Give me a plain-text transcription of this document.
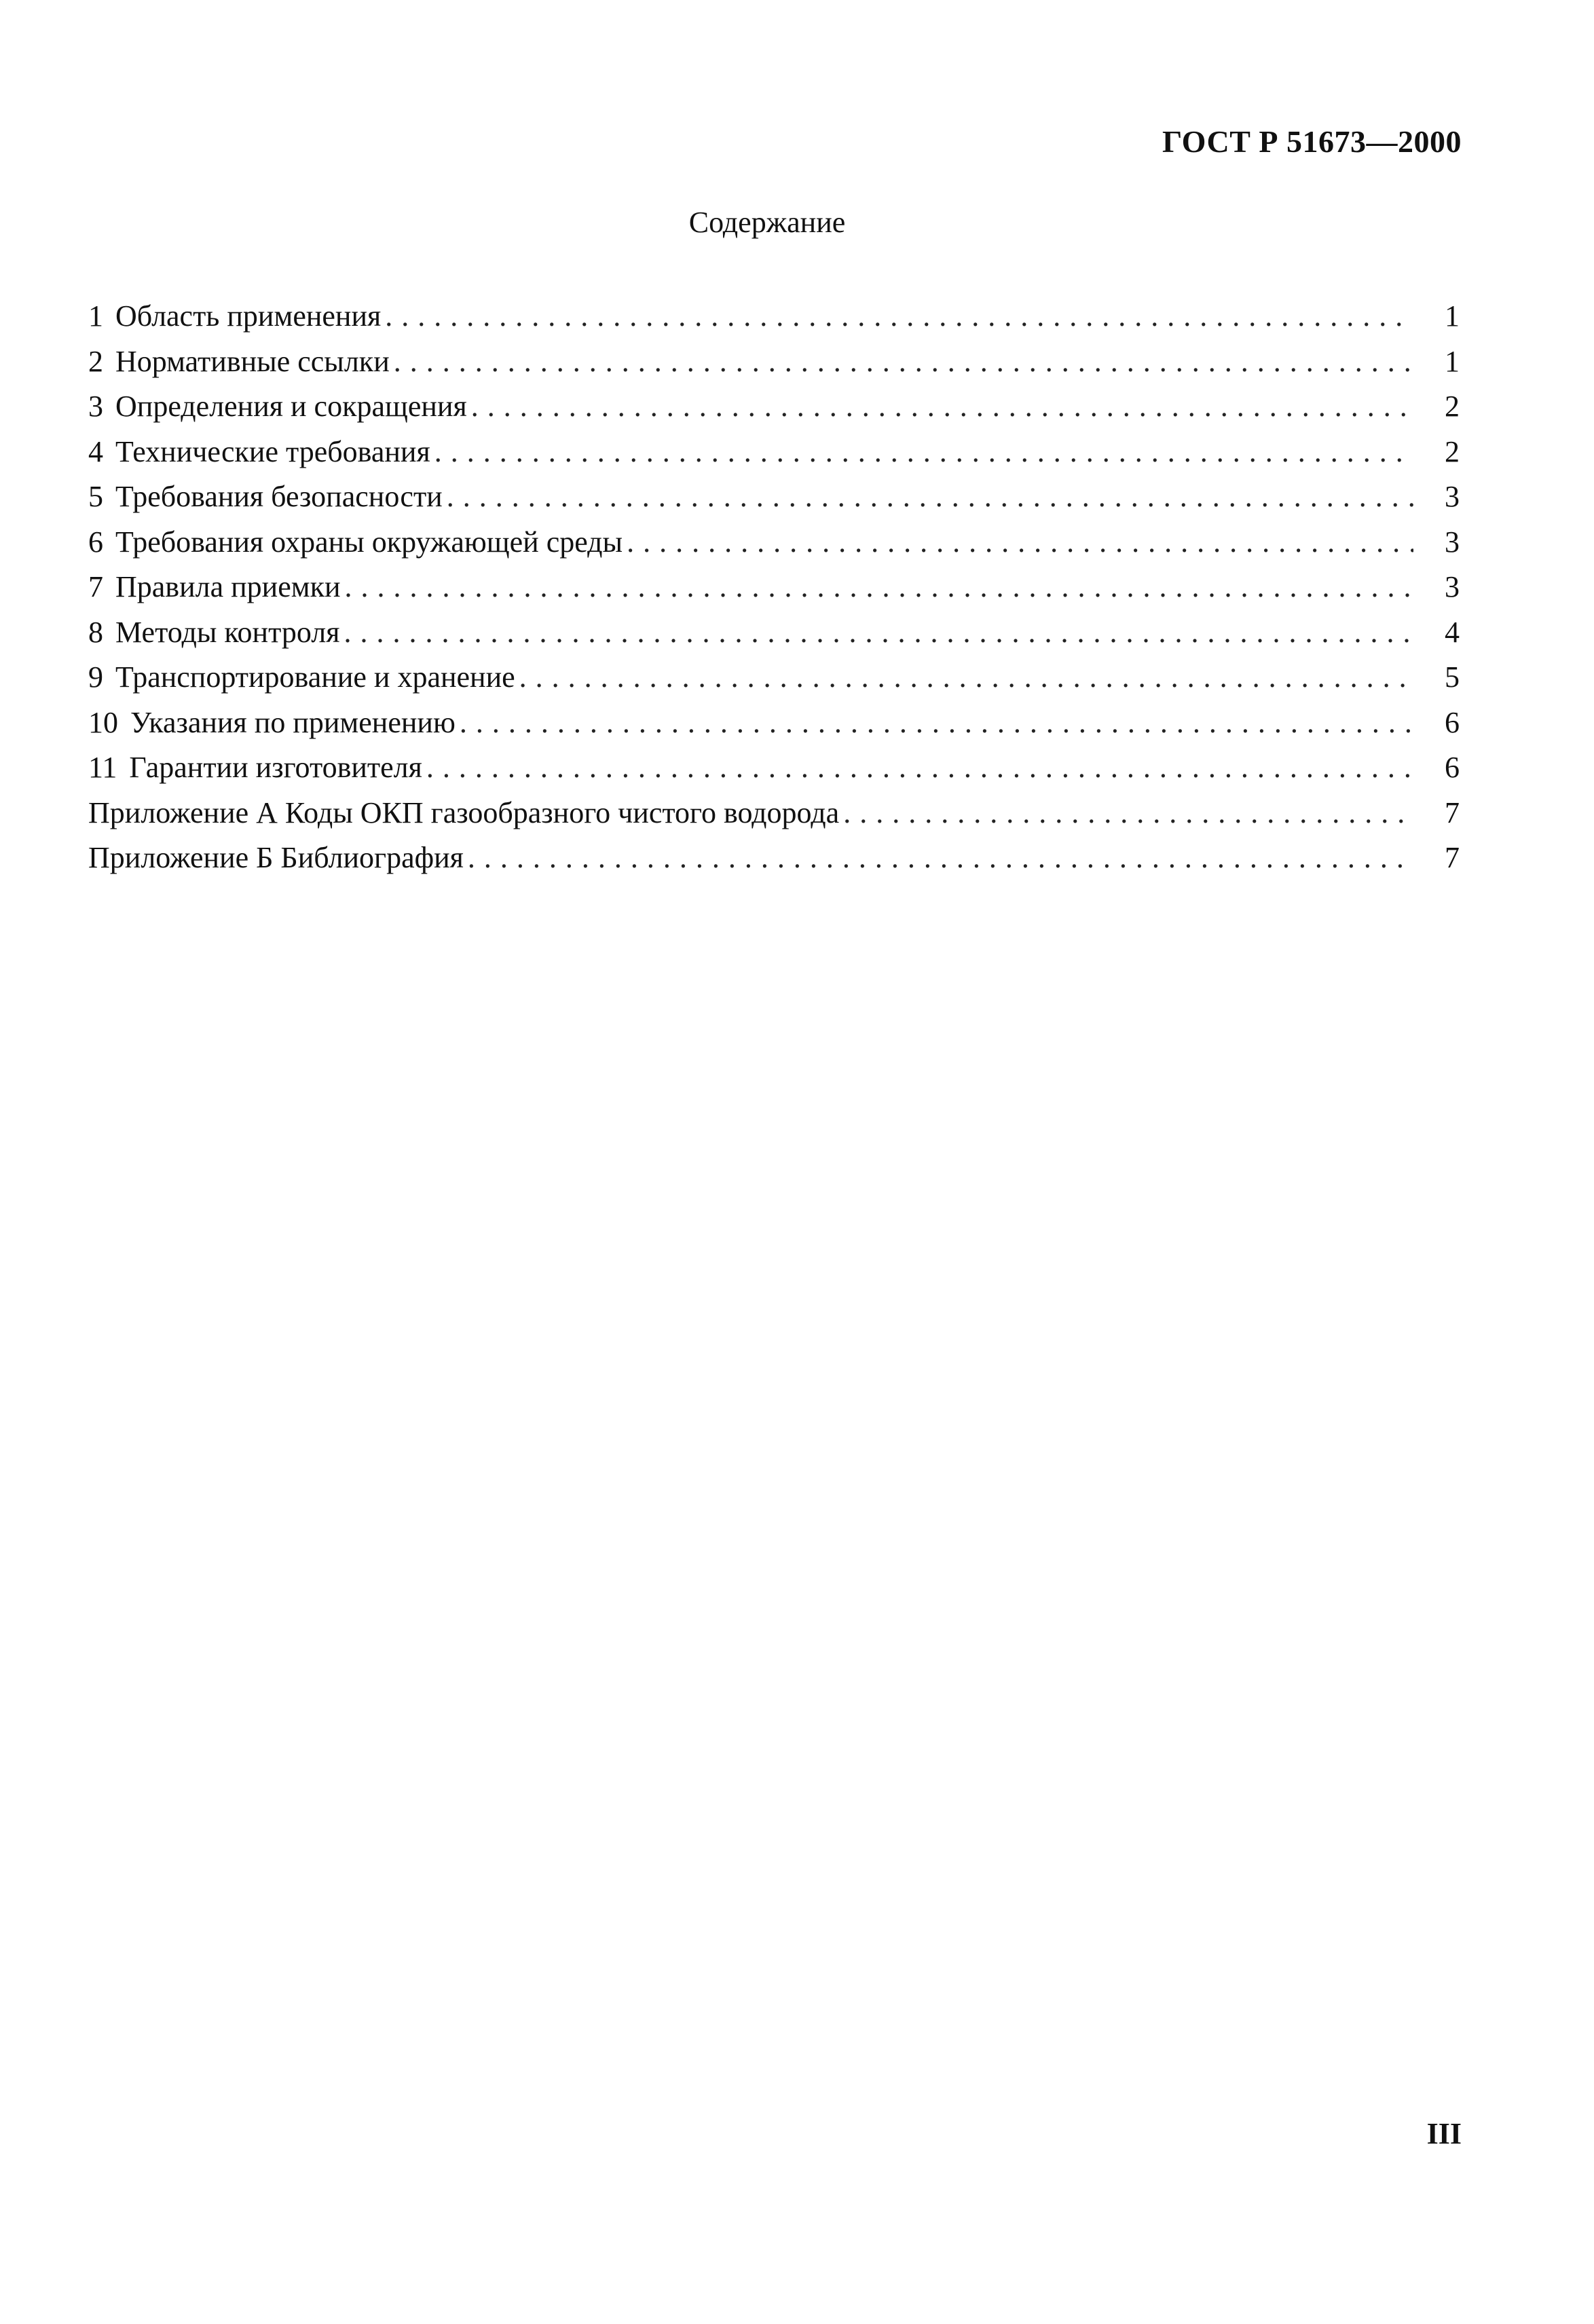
ГОСТ Р 51673—2000
Содержание
1 Область применения . . .	1
2 Нормативные ссылки . . .	1
3 Определения и сокращения . . .	2
4 Технические требования . . .	2
5 Требования безопасности . . .	3
6 Требования охраны окружающей среды . . .	3
7 Правила приемки . . .	3
8 Методы контроля . . .	4
9 Транспортирование и хранение . . .	5
10 Указания по применению . . .	6
11 Гарантии изготовителя . . .	6
Приложение А Коды ОКП газообразного чистого водорода . . .	7
Приложение Б Библиография . . .	7
III
